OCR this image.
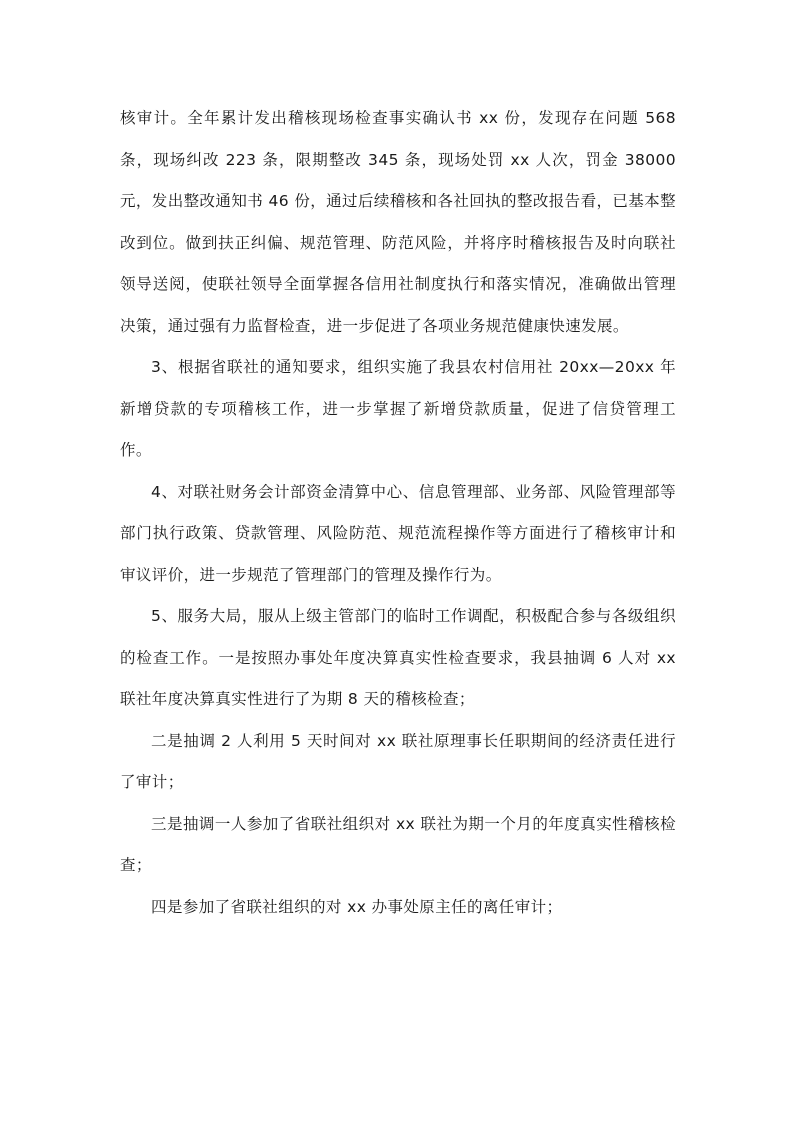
核审计。全年累计发出稽核现场检查事实确认书 xx 份，发现存在问题 568 条，现场纠改 223 条，限期整改 345 条，现场处罚 xx 人次，罚金 38000 元，发出整改通知书 46 份，通过后续稽核和各社回执的整改报告看，已基本整改到位。做到扶正纠偏、规范管理、防范风险，并将序时稽核报告及时向联社领导送阅，使联社领导全面掌握各信用社制度执行和落实情况，准确做出管理决策，通过强有力监督检查，进一步促进了各项业务规范健康快速发展。

3、根据省联社的通知要求，组织实施了我县农村信用社 20xx—20xx 年新增贷款的专项稽核工作，进一步掌握了新增贷款质量，促进了信贷管理工作。

4、对联社财务会计部资金清算中心、信息管理部、业务部、风险管理部等部门执行政策、贷款管理、风险防范、规范流程操作等方面进行了稽核审计和审议评价，进一步规范了管理部门的管理及操作行为。

5、服务大局，服从上级主管部门的临时工作调配，积极配合参与各级组织的检查工作。一是按照办事处年度决算真实性检查要求，我县抽调 6 人对 xx 联社年度决算真实性进行了为期 8 天的稽核检查；

二是抽调 2 人利用 5 天时间对 xx 联社原理事长任职期间的经济责任进行了审计；

三是抽调一人参加了省联社组织对 xx 联社为期一个月的年度真实性稽核检查；

四是参加了省联社组织的对 xx 办事处原主任的离任审计；
